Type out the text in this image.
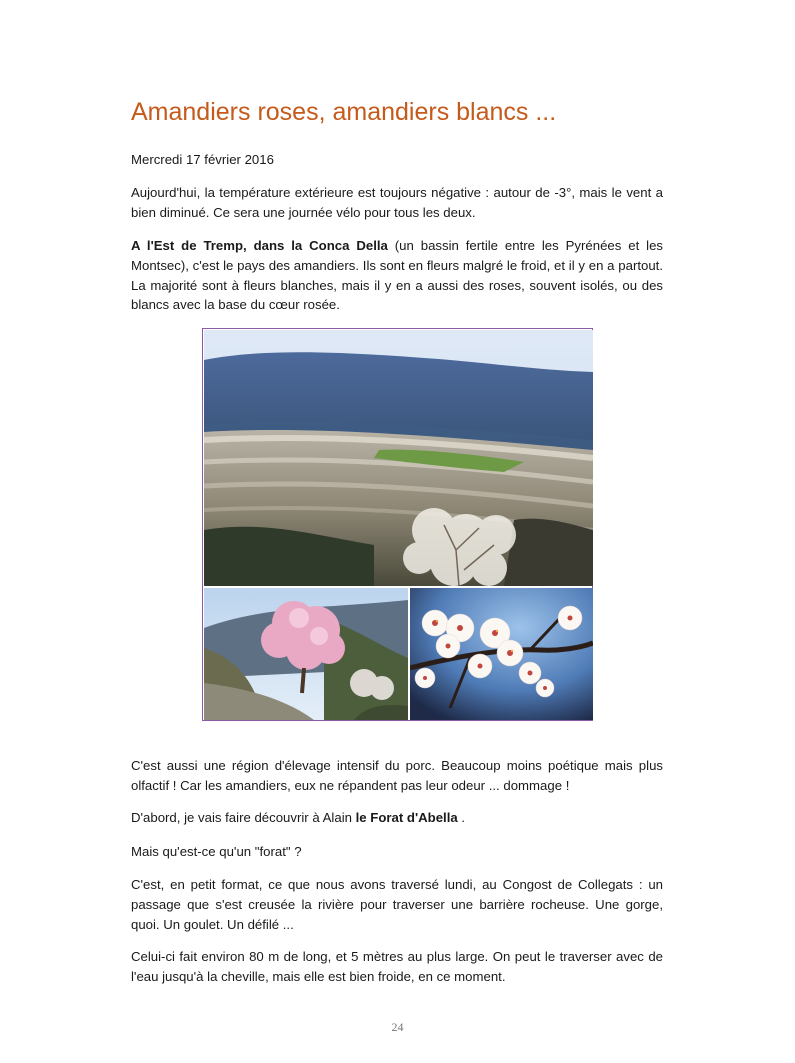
Amandiers roses, amandiers blancs ...

Mercredi 17 février 2016

Aujourd'hui, la température extérieure est toujours négative : autour de -3°, mais le vent a bien diminué. Ce sera une journée vélo pour tous les deux.

A l'Est de Tremp, dans la Conca Della (un bassin fertile entre les Pyrénées et les Montsec), c'est le pays des amandiers. Ils sont en fleurs malgré le froid, et il y en a partout. La majorité sont à fleurs blanches, mais il y en a aussi des roses, souvent isolés, ou des blancs avec la base du cœur rosée.

C'est aussi une région d'élevage intensif du porc. Beaucoup moins poétique mais plus olfactif ! Car les amandiers, eux ne répandent pas leur odeur ... dommage !

D'abord, je vais faire découvrir à Alain le Forat d'Abella .

Mais qu'est-ce qu'un "forat" ?

C'est, en petit format, ce que nous avons traversé lundi, au Congost de Collegats : un passage que s'est creusée la rivière pour traverser une barrière rocheuse. Une gorge, quoi. Un goulet. Un défilé ...

Celui-ci fait environ 80 m de long, et 5 mètres au plus large. On peut le traverser avec de l'eau jusqu'à la cheville, mais elle est bien froide, en ce moment.

24
